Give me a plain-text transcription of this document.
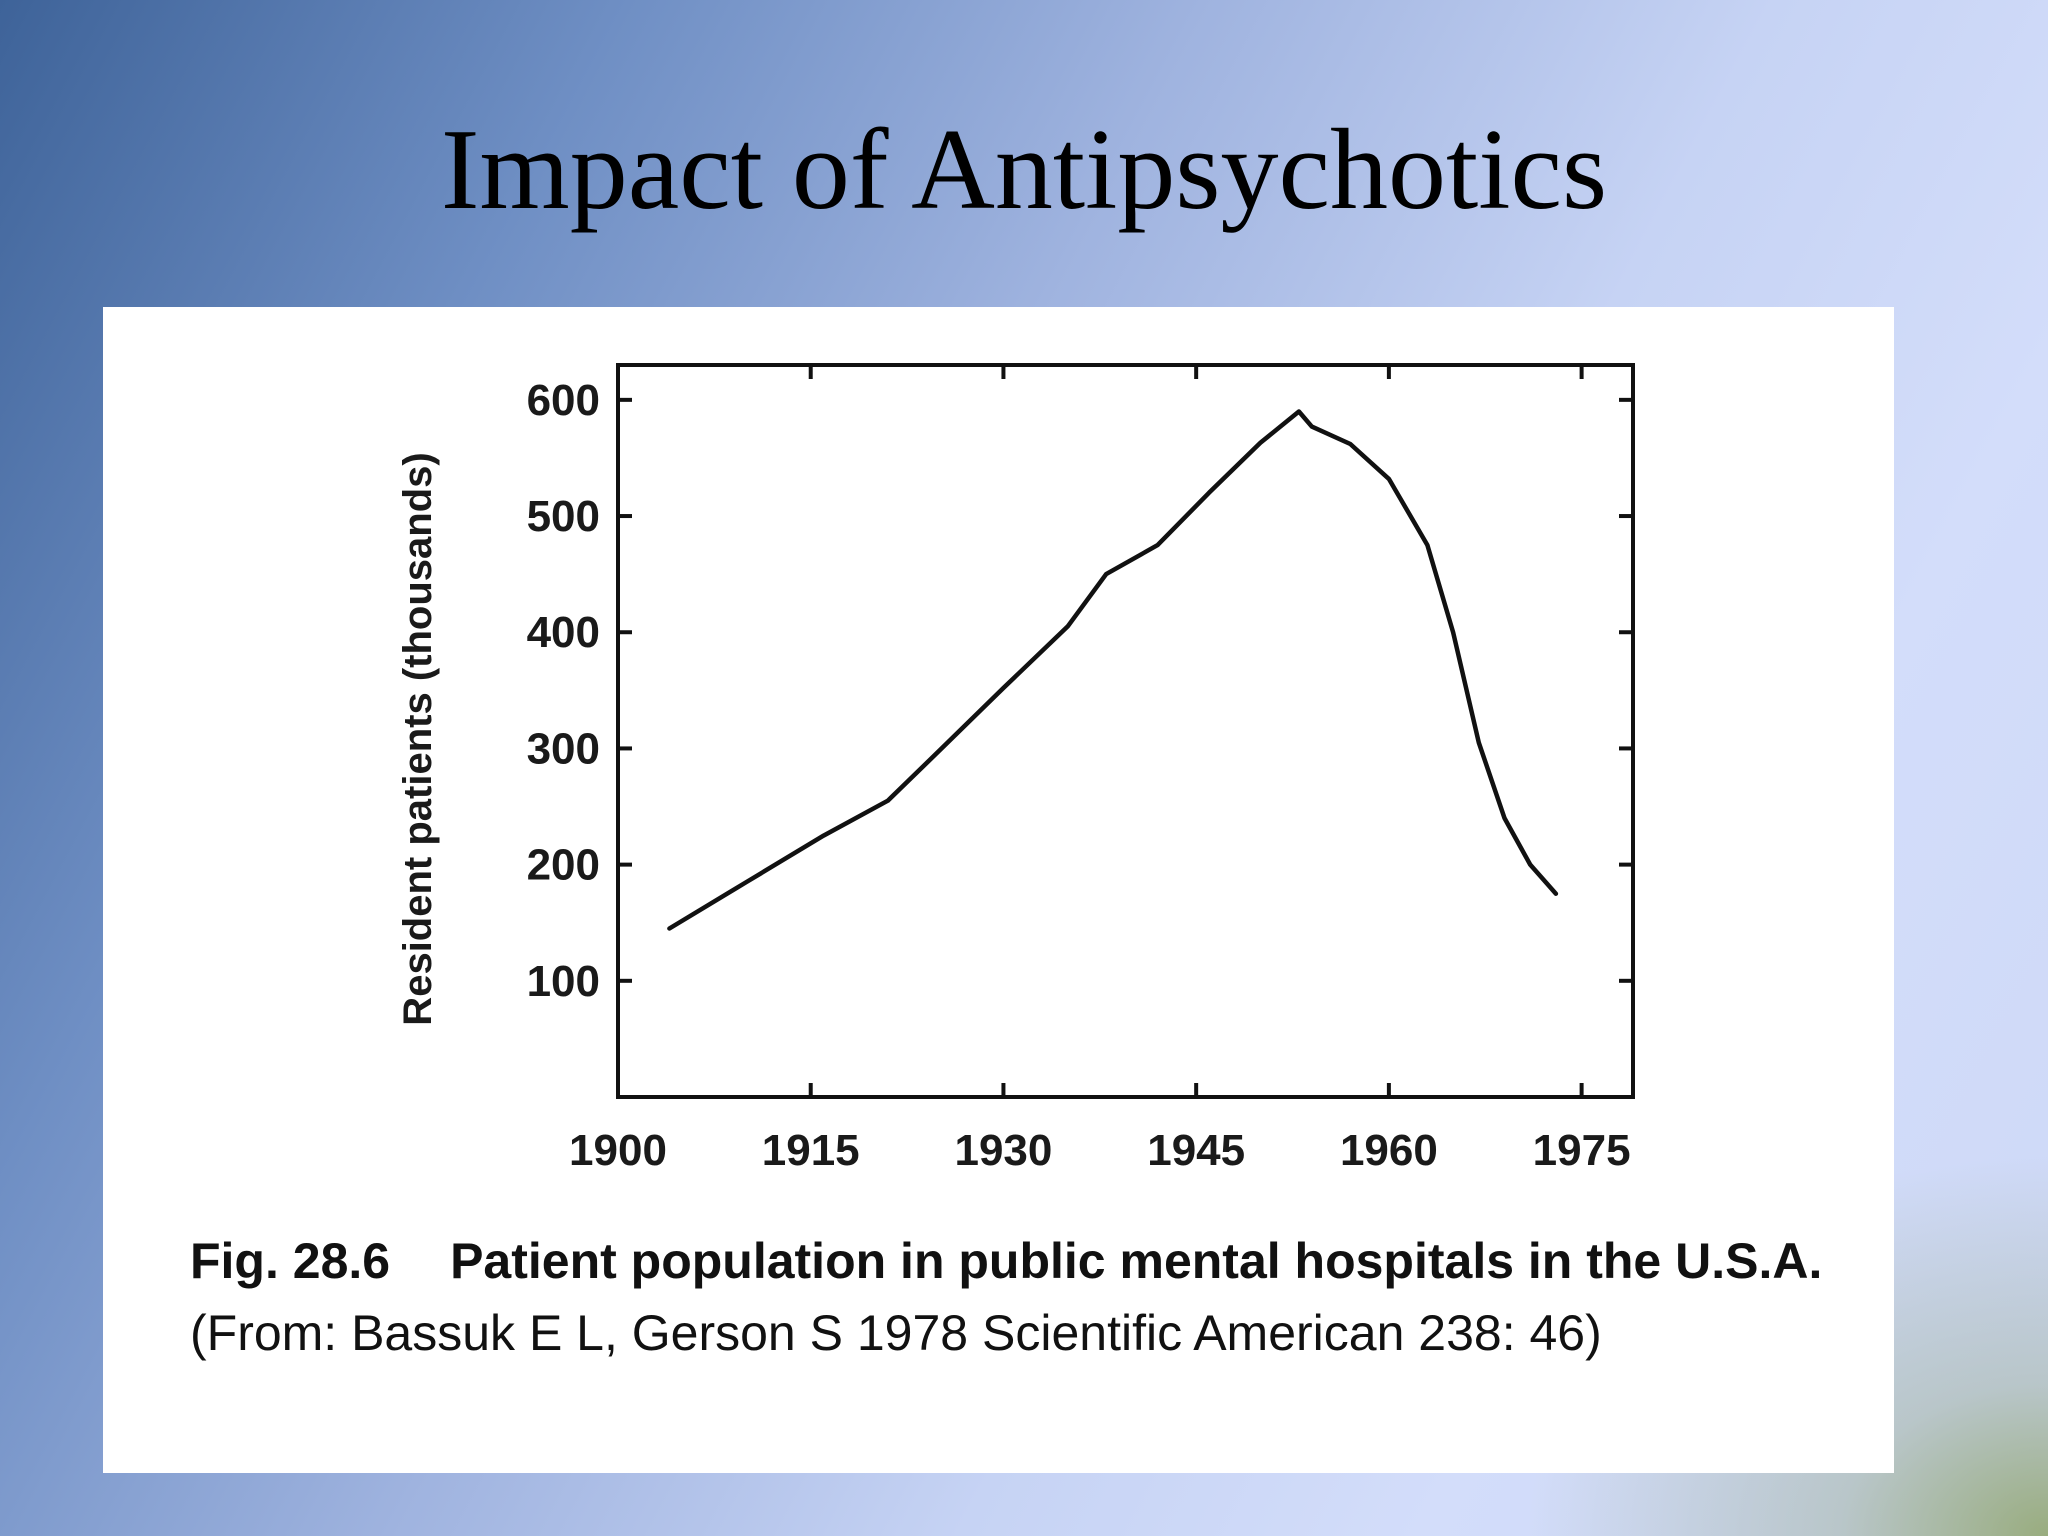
Impact of Antipsychotics
1900 1915 1930 1945 1960 1975
100
200
300
400
500
600
Resident patients (thousands)
Fig. 28.6 Patient population in public mental hospitals in the U.S.A. (From: Bassuk E L, Gerson S 1978 Scientific American 238: 46)
